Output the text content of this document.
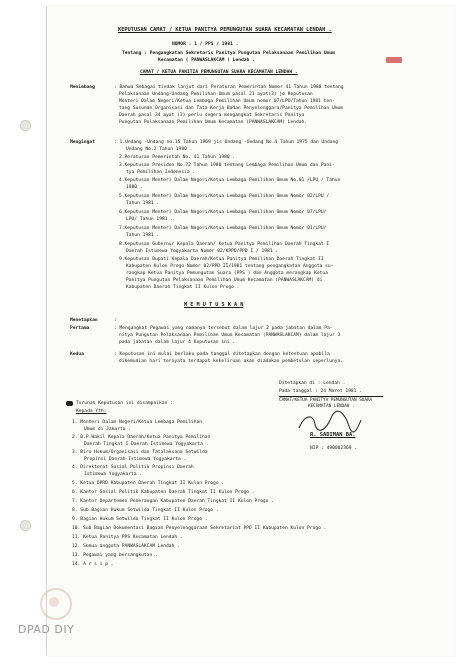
KEPUTUSAN CAMAT / KETUA PANITYA PEMUNGUTAN SUARA KECAMATAN LENDAH .
NOMOR : 1 / PPS / 1981 .
Tentang : Pengangkatan Sekretaris Panitya Pungutan Pelaksanaan Pemilihan Umum
Kecamatan ( PANWASLAKCAM ) Lendah .
CAMAT / KETUA PANITIA PEMUNGUTAN SUARA KECAMATAN LENDAH .
Menimbang	: Bahwa Sebagai tindak lanjut dari Peraturan Pemerintah Nomor 41 Tahun 1980 tentang
Pelaksanaan Undang-Undang Pemilihan Umum pasal 21 ayat(3) jo Keputusan
Menteri Dalam Negeri/Ketua Lembaga Pemilihan Umum nomor 07/LPU/Tahun 1981 ten-
tang Susunan Organisasi dan Tata Kerja Badan Penyelenggara/Panitya Pemilihan Umum
Daerah pasal 34 ayat (3) perlu segera mengangkat Sekretaris Panitya
Pungutan Pelaksanaan Pemilihan Umum Kecamatan (PANWASLAKCAM) Lendah.
Mengingat	: 1.Undang -Undang no.15 Tahun 1969 jis Undang -Undang No.4 Tahun 1975 dan Undang
Undang No.2 Tahun 1980 .
2.Peraturan Pemerintah No. 41 Tahun 1980 .
3.Keputusan Presiden No.72 Tahun 1980 tentang Lembaga Pemilihan Umum dan Pani-
tya Pemilihan Indonesia .
4.Keputusan Menteri Dalam Negeri/Ketua Lembaga Pemilihan Umum No.01 /LPU / Tahun
1980 .
5.Keputusan Menteri Dalam Negeri/Ketua Lembaga Pemilihan Umum Nomor 02/LPU /
Tahun 1981 .
6.Keputusan Menteri Dalam Negeri/Ketua Lembaga Pemilihan Umum Nomor 07/LPU/
LPU/ Tahun 1981 .
7.Keputusan Menteri Dalam Negeri/Ketua Lembaga Pemilihan Umum Nomor 01/LPU/
Tahun 1981 .
8.Keputusan Gubernur Kepala Daerah/ Ketua Panitya Pemilihan Daerah Tingkat I
Daerah Istimewa Yogyakarta Nomor 02/KPPD/PPD I / 1981 .
9.Keputusan Bupati Kepala Daerah/Ketua Panitya Pemilihan Daerah Tingkat II
Kabupaten Kulon Progo Nomor 02/PPD II/1981 tentang pengangkatan Anggota su-
rangkap Ketua Panitya Pemungutan Suara (PPS ) dan Anggota merangkap Ketua
Panitya Pungutan Pelaksanaan Pemilihan Umum Kecamatan (PANWASLAKCAM) di
Kabupaten Daerah Tingkat II Kulon Progo .
M E M U T U S K A N
Menetapkan	:
Pertama	: Mengangkat Pegawai yang namanya tersebut dalam lajur 2 pada jabatan dalam Pa-
nitya Pungutan Pelaksanaan Pemilihan Umum Kecamatan (PANWASLAKCAM) dalam lajur 3
pada jabatan dalam lajur 4 Keputusan ini .
Kedua	: Keputusan ini mulai berlaku pada tanggal ditetapkan dengan ketentuan apabila
dikemudian hari ternyata terdapat kekeliruan akan diadakan pembetulan seperlunya.
Ditetapkan di : Lendah .
Pada tanggal : 24 Maret 1981 .
CAMAT/KETUA PANITYA PEMUNGUTAN SUARA
KECAMATAN LENDAH .
R. SADIMAN BA.
NIP : 490002369 .
Turunan Keputusan ini disampaikan :
Kepada Yth:
1. Menteri Dalam Negeri/Ketua Lembaga Pemilihan
Umum di Jakarta .
2. B.P.Wakil Kepala Daerah/Ketua Panitya Pemilihan
Daerah Tingkat I Daerah Istimewa Yogyakarta .
3. Biro Hukum/Organisasi dan Tatalaksana Setwilda
Propinsi Daerah Istimewa Yogyakarta .
4. Direktorat Sosial Politik Propinsi Daerah
Istimewa Yogyakarta .
5. Ketua DPRD Kabupaten Daerah Tingkat II Kulon Progo .
6. Kantor Sosial Politik Kabupaten Daerah Tingkat II Kulon Progo .
7. Kantor Departemen Penerangan Kabupaten Daerah Tingkat II Kulon Progo .
8. Sub.Bagian Hukum Setwilda Tingkat II Kulon Progo .
9. Bagian Hukum Setwilda Tingkat II Kulon Progo .
10. Sub Bagian Dokumentasi Bagian Penyelenggaraan Sekretariat PPD II Kabupaten Kulon Progo .
11. Ketua Panitya PPS Kecamatan Lendah .
12. Semua anggota PANWASLAKCAM Lendah .
13. Pegawai yang bersangkutan .
14. A r s i p .
DPAD DIY
